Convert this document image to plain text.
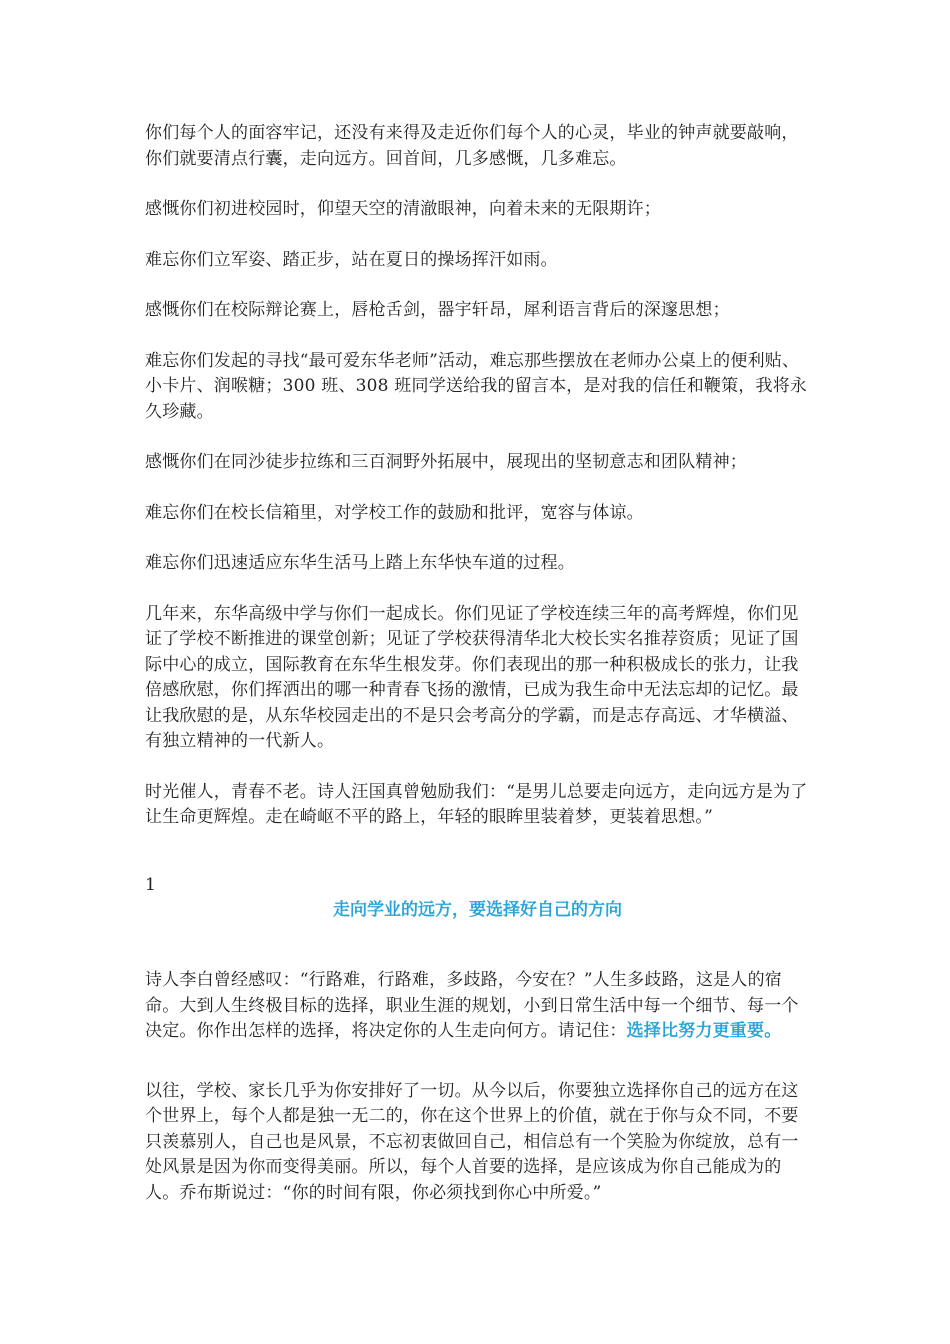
你们每个人的面容牢记，还没有来得及走近你们每个人的心灵，毕业的钟声就要敲响，你们就要清点行囊，走向远方。回首间，几多感慨，几多难忘。

感慨你们初进校园时，仰望天空的清澈眼神，向着未来的无限期许；

难忘你们立军姿、踏正步，站在夏日的操场挥汗如雨。

感慨你们在校际辩论赛上，唇枪舌剑，器宇轩昂，犀利语言背后的深邃思想；

难忘你们发起的寻找“最可爱东华老师”活动，难忘那些摆放在老师办公桌上的便利贴、小卡片、润喉糖；300 班、308 班同学送给我的留言本，是对我的信任和鞭策，我将永久珍藏。

感慨你们在同沙徒步拉练和三百洞野外拓展中，展现出的坚韧意志和团队精神；

难忘你们在校长信箱里，对学校工作的鼓励和批评，宽容与体谅。

难忘你们迅速适应东华生活马上踏上东华快车道的过程。

几年来，东华高级中学与你们一起成长。你们见证了学校连续三年的高考辉煌，你们见证了学校不断推进的课堂创新；见证了学校获得清华北大校长实名推荐资质；见证了国际中心的成立，国际教育在东华生根发芽。你们表现出的那一种积极成长的张力，让我倍感欣慰，你们挥洒出的哪一种青春飞扬的激情，已成为我生命中无法忘却的记忆。最让我欣慰的是，从东华校园走出的不是只会考高分的学霸，而是志存高远、才华横溢、有独立精神的一代新人。

时光催人，青春不老。诗人汪国真曾勉励我们：“是男儿总要走向远方，走向远方是为了让生命更辉煌。走在崎岖不平的路上，年轻的眼眸里装着梦，更装着思想。”

1
走向学业的远方，要选择好自己的方向

诗人李白曾经感叹：“行路难，行路难，多歧路，今安在？”人生多歧路，这是人的宿命。大到人生终极目标的选择，职业生涯的规划，小到日常生活中每一个细节、每一个决定。你作出怎样的选择，将决定你的人生走向何方。请记住：选择比努力更重要。

以往，学校、家长几乎为你安排好了一切。从今以后，你要独立选择你自己的远方在这个世界上，每个人都是独一无二的，你在这个世界上的价值，就在于你与众不同，不要只羡慕别人，自己也是风景，不忘初衷做回自己，相信总有一个笑脸为你绽放，总有一处风景是因为你而变得美丽。所以，每个人首要的选择，是应该成为你自己能成为的人。乔布斯说过：“你的时间有限，你必须找到你心中所爱。”
